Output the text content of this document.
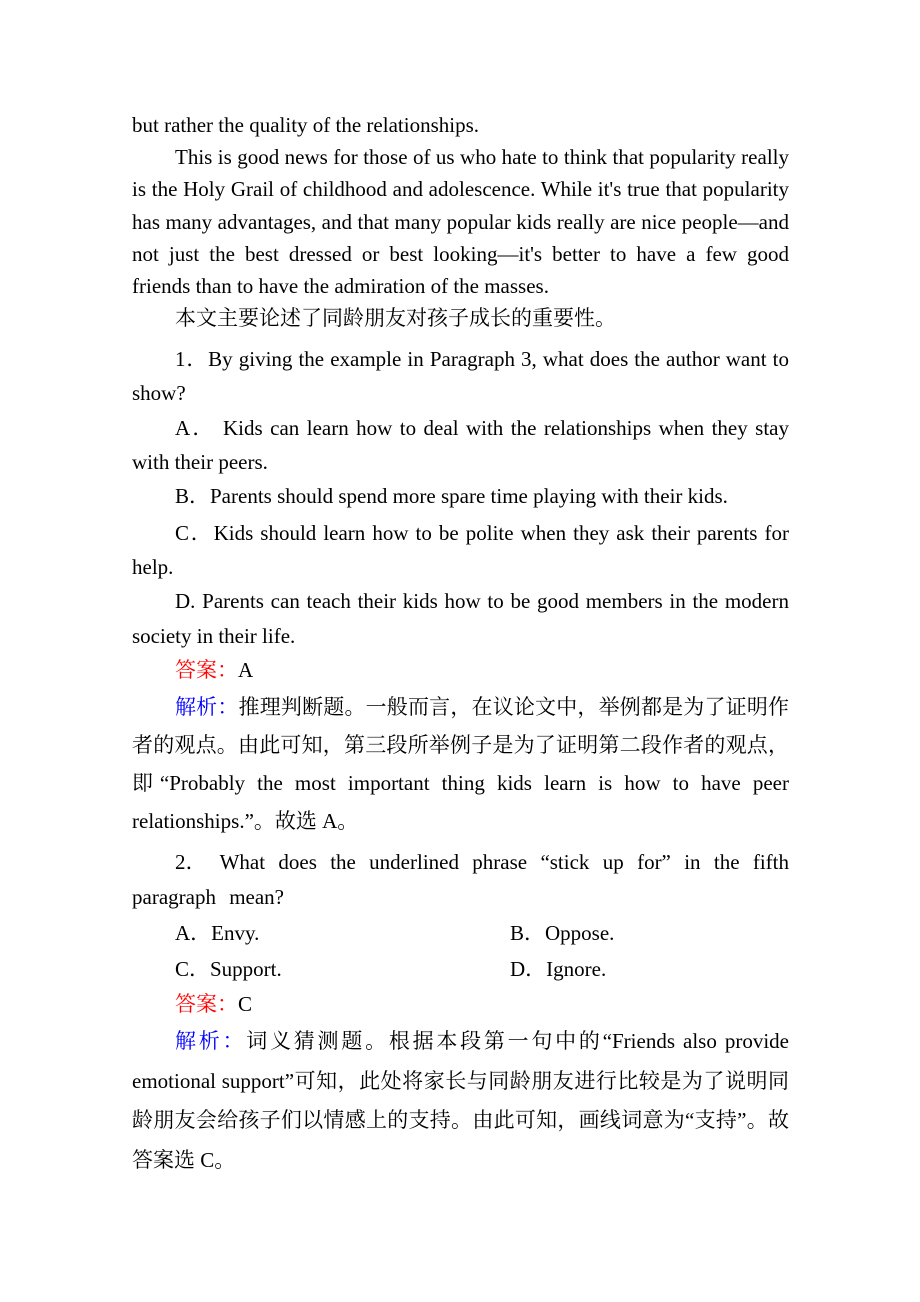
but rather the quality of the relationships.
This is good news for those of us who hate to think that popularity really is the Holy Grail of childhood and adolescence. While it's true that popularity has many advantages, and that many popular kids really are nice people—and not just the best dressed or best looking—it's better to have a few good friends than to have the admiration of the masses.
本文主要论述了同龄朋友对孩子成长的重要性。
1．By giving the example in Paragraph 3, what does the author want to show?
A． Kids can learn how to deal with the relationships when they stay with their peers.
B．Parents should spend more spare time playing with their kids.
C．Kids should learn how to be polite when they ask their parents for help.
D. Parents can teach their kids how to be good members in the modern society in their life.
答案：A
解析：推理判断题。一般而言，在议论文中，举例都是为了证明作者的观点。由此可知，第三段所举例子是为了证明第二段作者的观点，即“Probably the most important thing kids learn is how to have peer relationships.”。故选 A。
2． What does the underlined phrase “stick up for” in the fifth paragraph mean?
A．Envy.	B．Oppose.
C．Support.	D．Ignore.
答案：C
解析：词义猜测题。根据本段第一句中的“Friends also provide emotional support”可知，此处将家长与同龄朋友进行比较是为了说明同龄朋友会给孩子们以情感上的支持。由此可知，画线词意为“支持”。故答案选 C。
